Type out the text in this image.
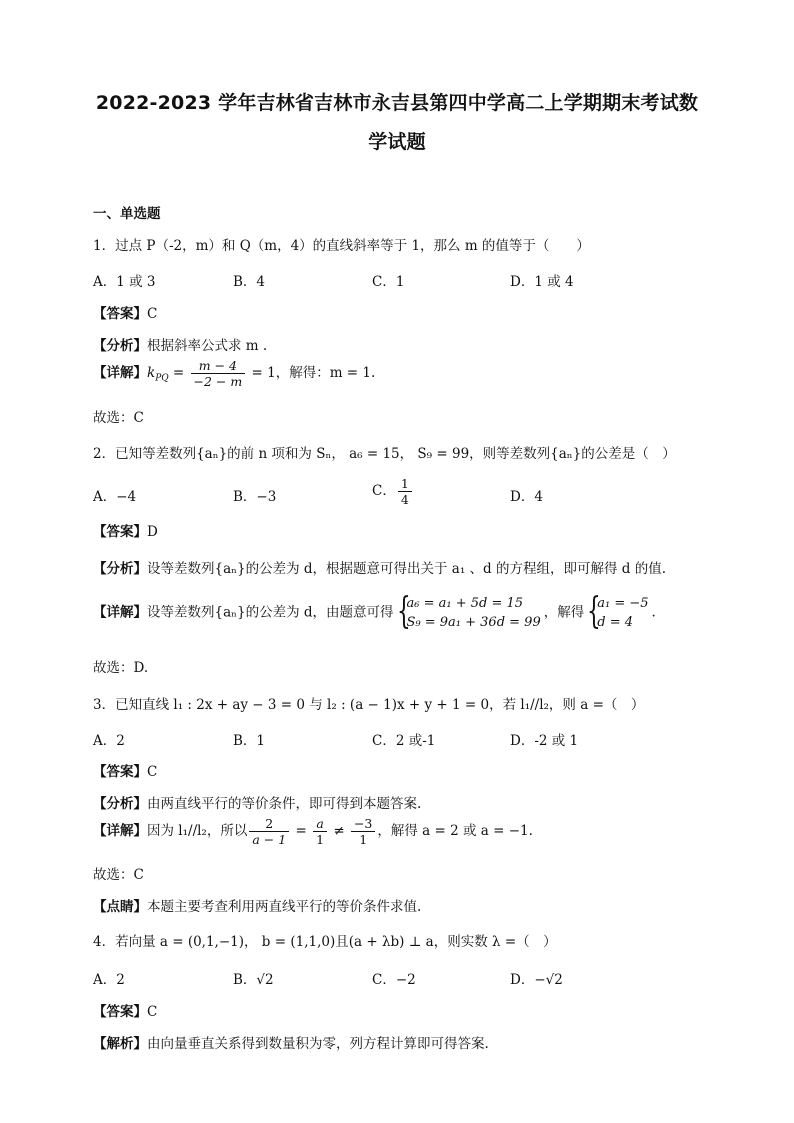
2022-2023 学年吉林省吉林市永吉县第四中学高二上学期期末考试数
学试题
一、单选题
1．过点 P（-2，m）和 Q（m，4）的直线斜率等于 1，那么 m 的值等于（　　）
A．1 或 3	B．4	C．1	D．1 或 4
【答案】C
【分析】根据斜率公式求 m .
【详解】$k_{PQ} = \frac{m - 4}{-2 - m} = 1$，解得：m = 1.
故选：C
2．已知等差数列{aₙ}的前 n 项和为 Sₙ， a₆ = 15， S₉ = 99，则等差数列{aₙ}的公差是（　）
A．−4	B．−3	C． $\frac{1}{4}$	D．4
【答案】D
【分析】设等差数列{aₙ}的公差为 d，根据题意可得出关于 a₁ 、d 的方程组，即可解得 d 的值.
【详解】设等差数列{aₙ}的公差为 d，由题意可得 {
a₆ = a₁ + 5d = 15
S₉ = 9a₁ + 36d = 99
，解得 {
a₁ = −5
d = 4
.
故选：D.
3．已知直线 l₁ : 2x + ay − 3 = 0 与 l₂ : (a − 1)x + y + 1 = 0，若 l₁//l₂，则 a =（　）
A．2	B．1	C．2 或-1	D．-2 或 1
【答案】C
【分析】由两直线平行的等价条件，即可得到本题答案.
【详解】因为 l₁//l₂，所以 $\frac{2}{a - 1} = \frac{a}{1} \ne \frac{-3}{1}$ ，解得 a = 2 或 a = −1.
故选：C
【点睛】本题主要考查利用两直线平行的等价条件求值.
4．若向量 a = (0,1,−1)， b = (1,1,0)且(a + λb) ⊥ a，则实数 λ =（　）
A．2	B．√2	C．−2	D．−√2
【答案】C
【解析】由向量垂直关系得到数量积为零，列方程计算即可得答案.
